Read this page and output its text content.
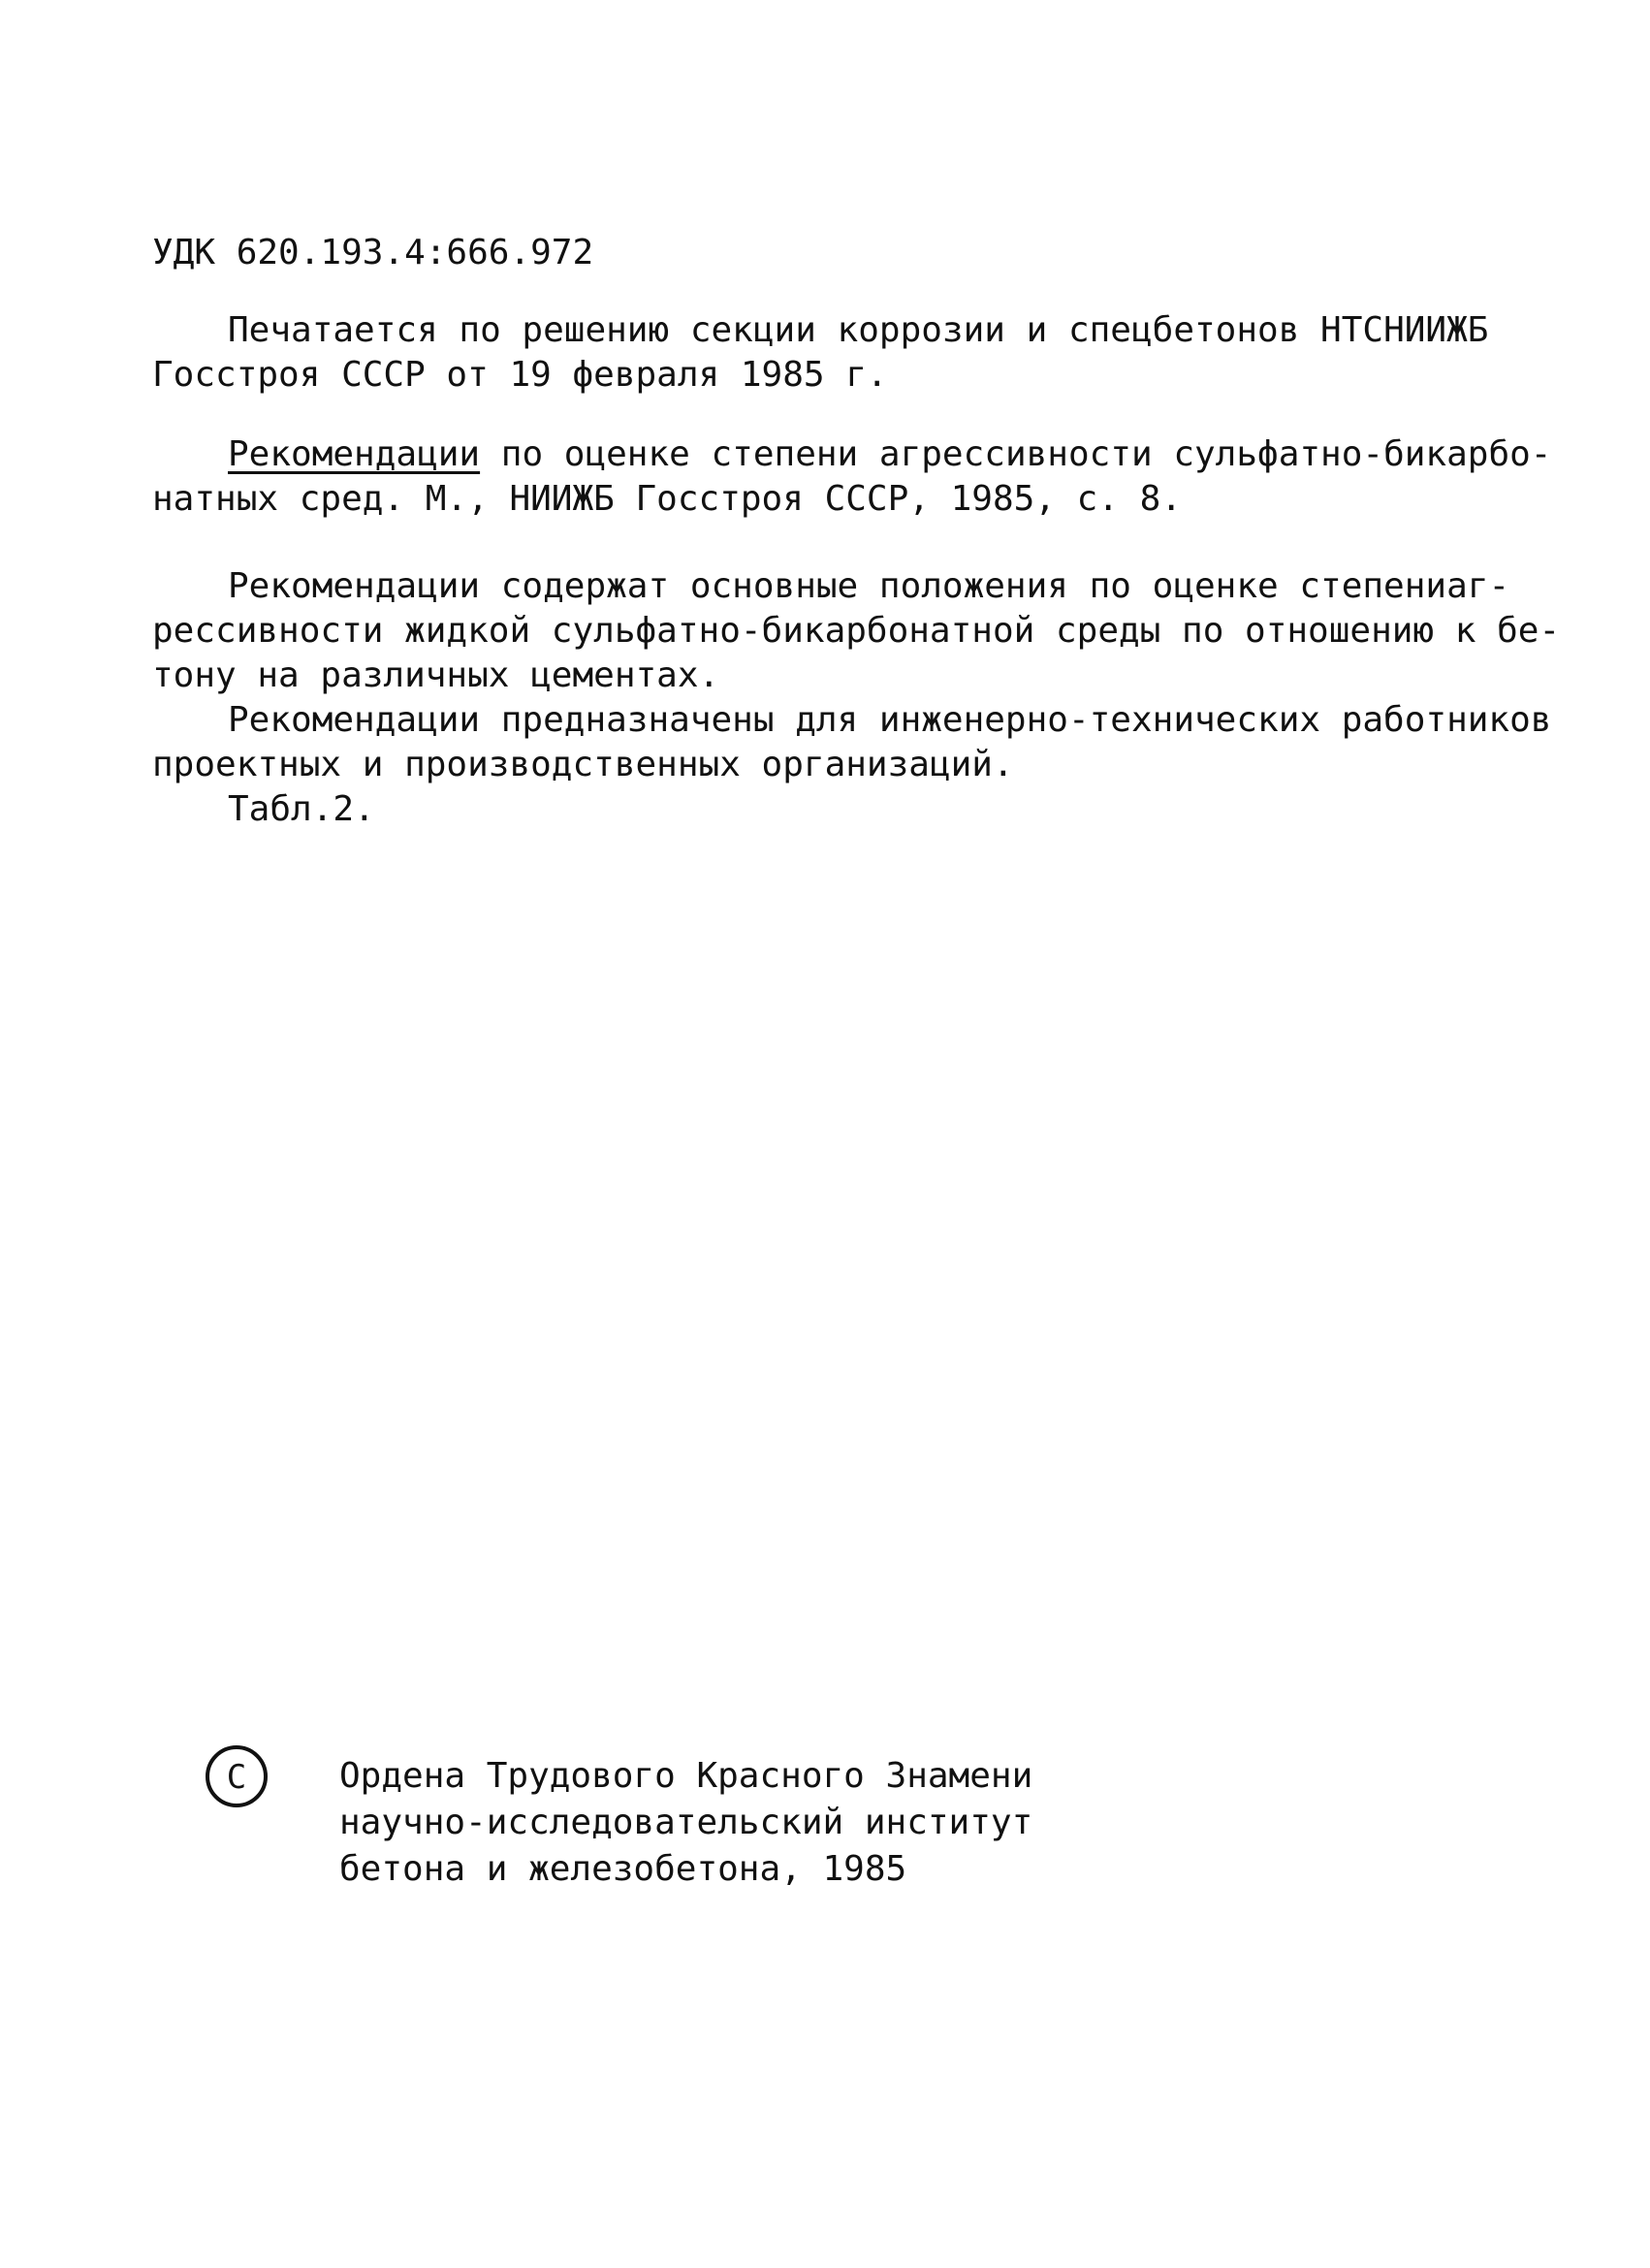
УДК 620.193.4:666.972
Печатается по решению секции коррозии и спецбетонов НТС НИИЖБ
Госстроя СССР от 19 февраля 1985 г.
Рекомендации по оценке степени агрессивности сульфатно-бикарбо-
натных сред. М., НИИЖБ Госстроя СССР, 1985, с. 8.
Рекомендации содержат основные положения по оценке степени аг-
рессивности жидкой сульфатно-бикарбонатной среды по отношению к бе-
тону на различных цементах.
Рекомендации предназначены для инженерно-технических работников
проектных и производственных организаций.
Табл.2.
C	Ордена Трудового Красного Знамени
научно-исследовательский институт
бетона и железобетона, 1985
